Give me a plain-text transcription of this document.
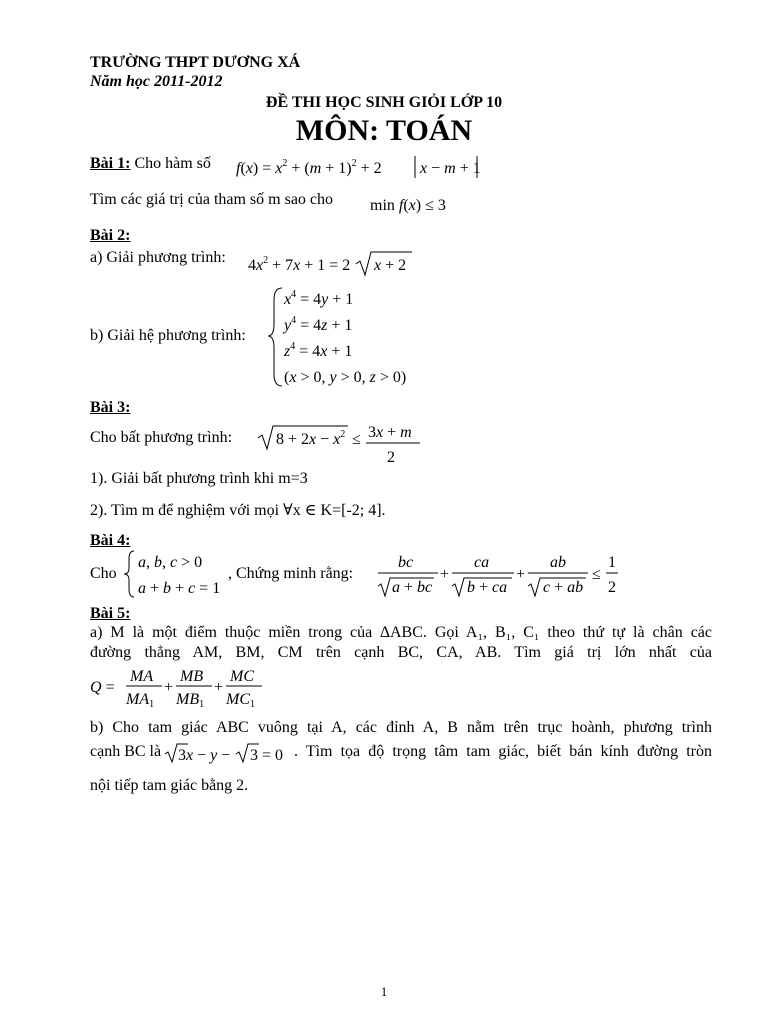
TRƯỜNG THPT DƯƠNG XÁ
Năm học 2011-2012
ĐỀ THI HỌC SINH GIỎI LỚP 10
MÔN: TOÁN
Bài 1: Cho hàm số $f(x) = x^2 + (m + 1)^2 + 2$ x − m + 1
Tìm các giá trị của tham số m sao cho min f(x) ≤ 3
Bài 2:
a) Giải phương trình: $4x^2 + 7x + 1 = 2$ x + 2
b) Giải hệ phương trình:
$x^4 = 4y + 1$
$y^4 = 4z + 1$
$z^4 = 4x + 1$
(x > 0, y > 0, z > 0)
Bài 3:
Cho bất phương trình:	$8 + 2x - x^2 \le 3x + m$
2
1). Giải bất phương trình khi m=3
2). Tìm m để nghiệm với mọi ∀x ∈ K=[-2; 4].
Bài 4:
Cho
a, b, c > 0
a + b + c = 1
, Chứng minh rằng:
bc
a + bc
+
ca
b + ca
+
ab
c + ab
≤
1
2
Bài 5:
a) M là một điểm thuộc miền trong của ∆ABC. Gọi A₁, B₁, C₁ theo thứ tự là chân các
đường thẳng AM, BM, CM trên cạnh BC, CA, AB. Tìm giá trị lớn nhất của
Q =
MA
MA1
+
MB
MB1
+
MC
MC1
b) Cho tam giác ABC vuông tại A, các đỉnh A, B nằm trên trục hoành, phương trình
cạnh BC là 3x − y − 3 = 0 . Tìm tọa độ trọng tâm tam giác, biết bán kính đường tròn
nội tiếp tam giác bằng 2.
1
